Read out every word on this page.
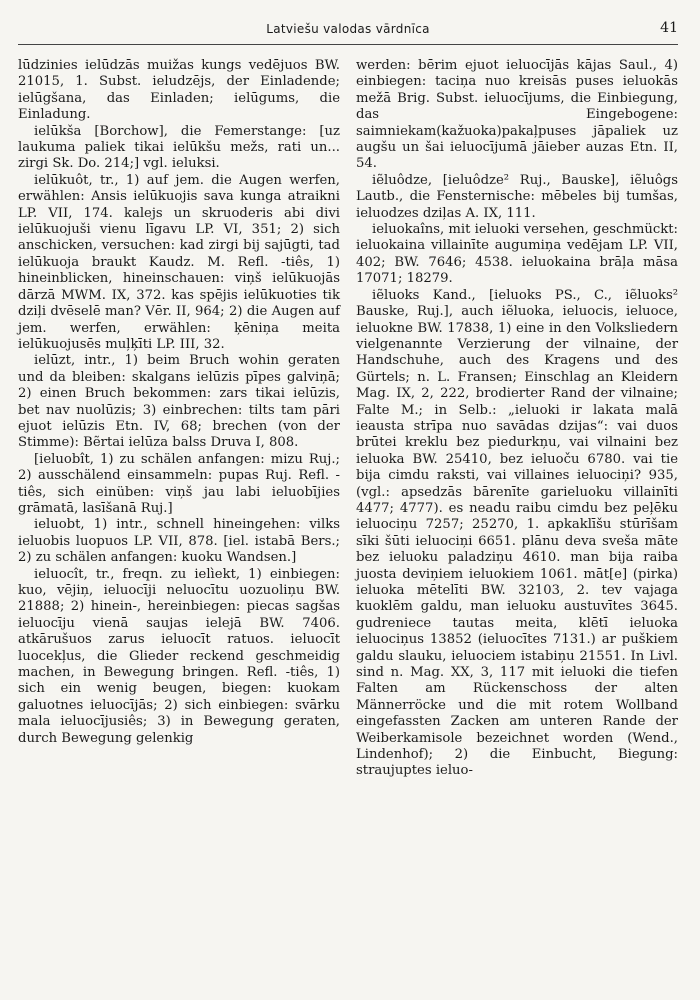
Latviešu valodas vārdnīca	41

lūdzinies ielūdzās muižas kungs vedējuos BW. 21015, 1. Subst. ieludzējs, der Einladende; ielūgšana, das Einladen; ielūgums, die Einladung.

ielūkša [Borchow], die Femerstange: [uz laukuma paliek tikai ielūkšu mežs, rati un... zirgi Sk. Do. 214;] vgl. ieluksi.

ielūkuôt, tr., 1) auf jem. die Augen werfen, erwählen: Ansis ielūkuojis sava kunga atraikni LP. VII, 174. kalejs un skruoderis abi divi ielūkuojuši vienu līgavu LP. VI, 351; 2) sich anschicken, versuchen: kad zirgi bij sajūgti, tad ielūkuoja braukt Kaudz. M. Refl. -tiês, 1) hineinblicken, hineinschauen: viņš ielūkuojās dārzā MWM. IX, 372. kas spējis ielūkuoties tik dziļi dvēselē man? Vēr. II, 964; 2) die Augen auf jem. werfen, erwählen: ķēniņa meita ielūkuojusēs muļķīti LP. III, 32.

ielūzt, intr., 1) beim Bruch wohin geraten und da bleiben: skalgans ielūzis pīpes galviņā; 2) einen Bruch bekommen: zars tikai ielūzis, bet nav nuolūzis; 3) einbrechen: tilts tam pāri ejuot ielūzis Etn. IV, 68; brechen (von der Stimme): Bẽrtai ielūza balss Druva I, 808.

[ieluobît, 1) zu schälen anfangen: mizu Ruj.; 2) ausschälend einsammeln: pupas Ruj. Refl. -tiês, sich einüben: viņš jau labi ieluobījies grāmatā, lasīšanā Ruj.]

ieluobt, 1) intr., schnell hineingehen: vilks ieluobis luopuos LP. VII, 878. [iel. istabā Bers.; 2) zu schälen anfangen: kuoku Wandsen.]

ieluocît, tr., freqn. zu ielìekt, 1) einbiegen: kuo, vējiņ, ieluocīji neluocītu uozuoliņu BW. 21888; 2) hinein-, hereinbiegen: piecas sagšas ieluocīju vienā saujas ielejā BW. 7406. atkārušuos zarus ieluocīt ratuos. ieluocīt luocekļus, die Glieder reckend geschmeidig machen, in Bewegung bringen. Refl. -tiês, 1) sich ein wenig beugen, biegen: kuokam galuotnes ieluocījās; 2) sich einbiegen: svārku mala ieluocījusiês; 3) in Bewegung geraten, durch Bewegung gelenkig

werden: bērim ejuot ieluocījās kājas Saul., 4) einbiegen: taciņa nuo kreisās puses ieluokās mežā Brig. Subst. ieluocījums, die Einbiegung, das Eingebogene: saimniekam(kažuoka)pakaļpuses jāpaliek uz augšu un šai ieluocījumā jāieber auzas Etn. II, 54.

iẽluôdze, [ieluôdze² Ruj., Bauske], iẽluôgs Lautb., die Fensternische: mēbeles bij tumšas, ieluodzes dziļas A. IX, 111.

ieluokaîns, mit ieluoki versehen, geschmückt: ieluokaina villainīte augumiņa vedējam LP. VII, 402; BW. 7646; 4538. ieluokaina brāļa māsa 17071; 18279.

iẽluoks Kand., [ieluoks PS., C., iẽluoks² Bauske, Ruj.], auch iẽluoka, ieluocis, ieluoce, ieluokne BW. 17838, 1) eine in den Volksliedern vielgenannte Verzierung der vilnaine, der Handschuhe, auch des Kragens und des Gürtels; n. L. Fransen; Einschlag an Kleidern Mag. IX, 2, 222, brodierter Rand der vilnaine; Falte M.; in Selb.: „ieluoki ir lakata malā ieausta strīpa nuo savādas dzijas“: vai duos brūtei kreklu bez piedurkņu, vai vilnaini bez ieluoka BW. 25410, bez ieluoču 6780. vai tie bija cimdu raksti, vai villaines ieluociņi? 935, (vgl.: apsedzās bārenīte garieluoku villainīti 4477; 4777). es neadu raibu cimdu bez peļēku ieluociņu 7257; 25270, 1. apkaklīšu stūrīšam sīki šūti ieluociņi 6651. plānu deva sveša māte bez ieluoku paladziņu 4610. man bija raiba juosta deviņiem ieluokiem 1061. māt[e] (pirka) ieluoka mētelīti BW. 32103, 2. tev vajaga kuoklēm galdu, man ieluoku austuvītes 3645. gudreniece tautas meita, klētī ieluoka ieluociņus 13852 (ieluocītes 7131.) ar puškiem galdu slauku, ieluociem istabiņu 21551. In Livl. sind n. Mag. XX, 3, 117 mit ieluoki die tiefen Falten am Rückenschoss der alten Männerröcke und die mit rotem Wollband eingefassten Zacken am unteren Rande der Weiberkamisole bezeichnet worden (Wend., Lindenhof); 2) die Einbucht, Biegung: straujuptes ieluo-
